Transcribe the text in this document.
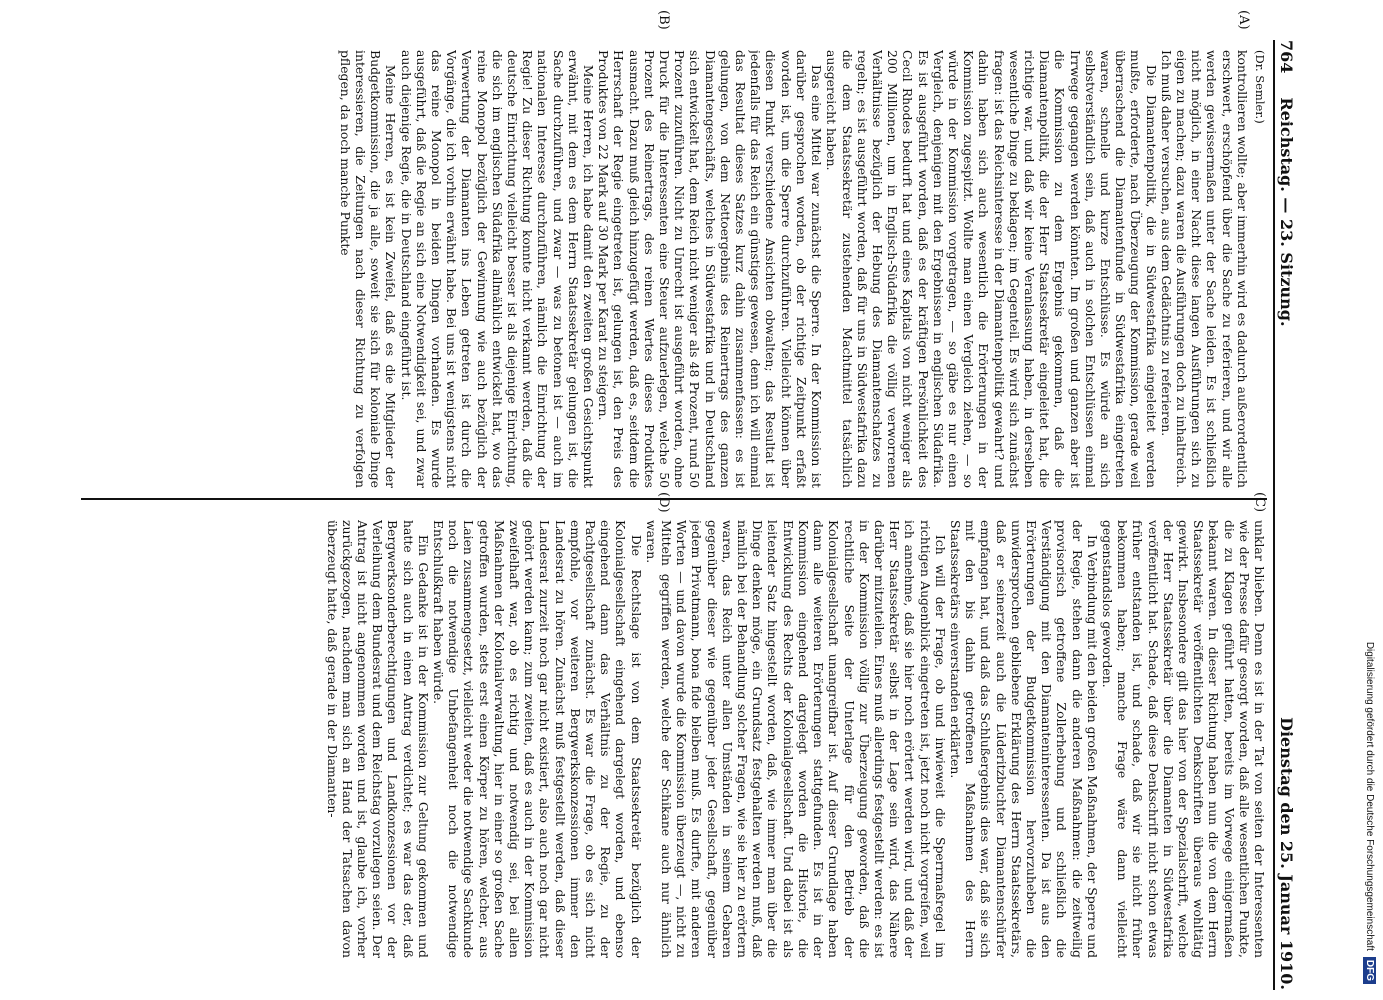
Digitalisierung gefördert durch die Deutsche Forschungsgemeinschaft
DFG
764
Reichstag. — 23. Sitzung.
Dienstag den 25. Januar 1910.
(A)
(B)
(C)
(D)
(Dr. Semler.)

kontrollieren wollte; aber immerhin wird es dadurch außerordentlich erschwert, erschöpfend über die Sache zu referieren, und wir alle werden gewissermaßen unter der Sache leiden. Es ist schließlich nicht möglich, in einer Nacht diese langen Ausführungen sich zu eigen zu machen; dazu waren die Ausführungen doch zu inhaltreich. Ich muß daher versuchen, aus dem Gedächtnis zu referieren.

Die Diamantenpolitik, die in Südwestafrika eingeleitet werden mußte, erforderte, nach Überzeugung der Kommission, gerade weil überraschend die Diamantenfunde in Südwestafrika eingetreten waren, schnelle und kurze Entschlüsse. Es würde an sich selbstverständlich sein, daß auch in solchen Entschlüssen einmal Irrwege gegangen werden könnten. Im großen und ganzen aber ist die Kommission zu dem Ergebnis gekommen, daß die Diamantenpolitik, die der Herr Staatssekretär eingeleitet hat, die richtige war, und daß wir keine Veranlassung haben, in derselben wesentliche Dinge zu beklagen; im Gegenteil. Es wird sich zunächst fragen: ist das Reichsinteresse in der Diamantenpolitik gewahrt? und dahin haben sich auch wesentlich die Erörterungen in der Kommission zugespitzt. Wollte man einen Vergleich ziehen, — so würde in der Kommission vorgetragen, — so gäbe es nur einen Vergleich, denjenigen mit den Ergebnissen in englischen Südafrika. Es ist ausgeführt worden, daß es der kräftigen Persönlichkeit des Cecil Rhodes bedurft hat und eines Kapitals von nicht weniger als 200 Millionen, um in Englisch-Südafrika die völlig verworrenen Verhältnisse bezüglich der Hebung des Diamantenschatzes zu regeln; es ist ausgeführt worden, daß für uns in Südwestafrika dazu die dem Staatssekretär zustehenden Machtmittel tatsächlich ausgereicht haben.

Das eine Mittel war zunächst die Sperre. In der Kommission ist darüber gesprochen worden, ob der richtige Zeitpunkt erfaßt worden ist, um die Sperre durchzuführen. Vielleicht können über diesen Punkt verschiedene Ansichten obwalten; das Resultat ist jedenfalls für das Reich ein günstiges gewesen, denn ich will einmal das Resultat dieses Satzes kurz dahin zusammenfassen: es ist gelungen, von dem Nettoergebnis des Reinertrags des ganzen Diamantengeschäfts, welches in Südwestafrika und in Deutschland sich entwickelt hat, dem Reich nicht weniger als 48 Prozent, rund 50 Prozent zuzuführen. Nicht zu Unrecht ist ausgeführt worden, ohne Druck für die Interessenten eine Steuer aufzuerlegen, welche 50 Prozent des Reinertrags, des reinen Wertes dieses Produktes ausmacht. Dazu muß gleich hinzugefügt werden, daß es, seitdem die Herrschaft der Regie eingetreten ist, gelungen ist, den Preis des Produktes von 22 Mark auf 30 Mark per Karat zu steigern.

Meine Herren, ich habe damit den zweiten großen Gesichtspunkt erwähnt, mit dem es dem Herrn Staatssekretär gelungen ist, die Sache durchzuführen, und zwar — was zu betonen ist — auch im nationalen Interesse durchzuführen, nämlich die Einrichtung der Regie! Zu dieser Richtung konnte nicht verkannt werden, daß die deutsche Einrichtung vielleicht besser ist als diejenige Einrichtung, die sich im englischen Südafrika allmählich entwickelt hat, wo das reine Monopol bezüglich der Gewinnung wie auch bezüglich der Verwertung der Diamanten ins Leben getreten ist durch die Vorgänge, die ich vorhin erwähnt habe. Bei uns ist wenigstens nicht das reine Monopol in beiden Dingen vorhanden. Es wurde ausgeführt, daß die Regie an sich eine Notwendigkeit sei, und zwar auch diejenige Regie, die in Deutschland eingeführt ist.

Meine Herren, es ist kein Zweifel, daß es die Mitglieder der Budgetkommission, die ja alle, soweit sie sich für koloniale Dinge interessieren, die Zeitungen nach dieser Richtung zu verfolgen pflegen, da noch manche Punkte

unklar blieben. Denn es ist in der Tat von seiten der Interessenten wie der Presse dafür gesorgt worden, daß alle wesentlichen Punkte, die zu Klagen geführt hatten, bereits im Vorwege einigermaßen bekannt waren. In dieser Richtung haben nun die von dem Herrn Staatssekretär veröffentlichten Denkschriften überaus wohltätig gewirkt. Insbesondere gilt das hier von der Spezialschrift, welche der Herr Staatssekretär über die Diamanten in Südwestafrika veröffentlicht hat. Schade, daß diese Denkschrift nicht schon etwas früher entstanden ist, und schade, daß wir sie nicht früher bekommen haben; manche Frage wäre dann vielleicht gegenstandslos geworden.

In Verbindung mit den beiden großen Maßnahmen, der Sperre und der Regie, stehen dann die anderen Maßnahmen: die zeitweilig provisorisch getroffene Zollerhebung und schließlich die Verständigung mit den Diamanteninteressenten. Da ist aus den Erörterungen der Budgetkommission hervorzuheben die unwidersprochen gebliebene Erklärung des Herrn Staatssekretärs, daß er seinerzeit auch die Lüderitzbuchter Diamantenschürfer empfangen hat, und daß das Schlußergebnis dies war, daß sie sich mit den bis dahin getroffenen Maßnahmen des Herrn Staatssekretärs einverstanden erklärten.

Ich will der Frage, ob und inwieweit die Sperrmaßregel im richtigen Augenblick eingetreten ist, jetzt noch nicht vorgreifen, weil ich annehme, daß sie hier noch erörtert werden wird, und daß der Herr Staatssekretär selbst in der Lage sein wird, das Nähere darüber mitzuteilen. Eines muß allerdings festgestellt werden: es ist in der Kommission völlig zur Überzeugung geworden, daß die rechtliche Seite der Unterlage für den Betrieb der Kolonialgesellschaft unangreifbar ist. Auf dieser Grundlage haben dann alle weiteren Erörterungen stattgefunden. Es ist in der Kommission eingehend dargelegt worden die Historie, die Entwicklung des Rechts der Kolonialgesellschaft. Und dabei ist als leitender Satz hingestellt worden, daß, wie immer man über die Dinge denken möge, ein Grundsatz festgehalten werden muß, daß nämlich bei der Behandlung solcher Fragen, wie sie hier zu erörtern waren, das Reich unter allen Umständen in seinem Gebaren gegenüber dieser wie gegenüber jeder Gesellschaft, gegenüber jedem Privatmann, bona fide bleiben muß. Es durfte, mit anderen Worten — und davon wurde die Kommission überzeugt —, nicht zu Mitteln gegriffen werden, welche der Schikane auch nur ähnlich waren.

Die Rechtslage ist von dem Staatssekretär bezüglich der Kolonialgesellschaft eingehend dargelegt worden, und ebenso eingehend dann das Verhältnis zu der Regie, zu der Pachtgesellschaft zunächst. Es war die Frage, ob es sich nicht empfohle, vor weiteren Bergwerkskonzessionen immer den Landesrat zu hören. Zunächst muß festgestellt werden, daß dieser Landesrat zurzeit noch gar nicht existiert, also auch noch gar nicht gehört werden kann; zum zweiten, daß es auch in der Kommission zweifelhaft war, ob es richtig und notwendig sei, bei allen Maßnahmen der Kolonialverwaltung, hier in einer so großen Sache getroffen wurden, stets erst einen Körper zu hören, welcher, aus Laien zusammengesetzt, vielleicht weder die notwendige Sachkunde noch die notwendige Unbefangenheit noch die notwendige Entschlußkraft haben würde.

Ein Gedanke ist in der Kommission zur Geltung gekommen und hatte sich auch in einen Antrag verdichtet; es war das der, daß Bergwerksonderberechtigungen und Landkonzessionen vor der Verleihung dem Bundesrat und dem Reichstag vorzulegen seien. Der Antrag ist nicht angenommen worden und ist, glaube ich, vorher zurückgezogen, nachdem man sich an Hand der Tatsachen davon überzeugt hatte, daß gerade in der Diamanten-
